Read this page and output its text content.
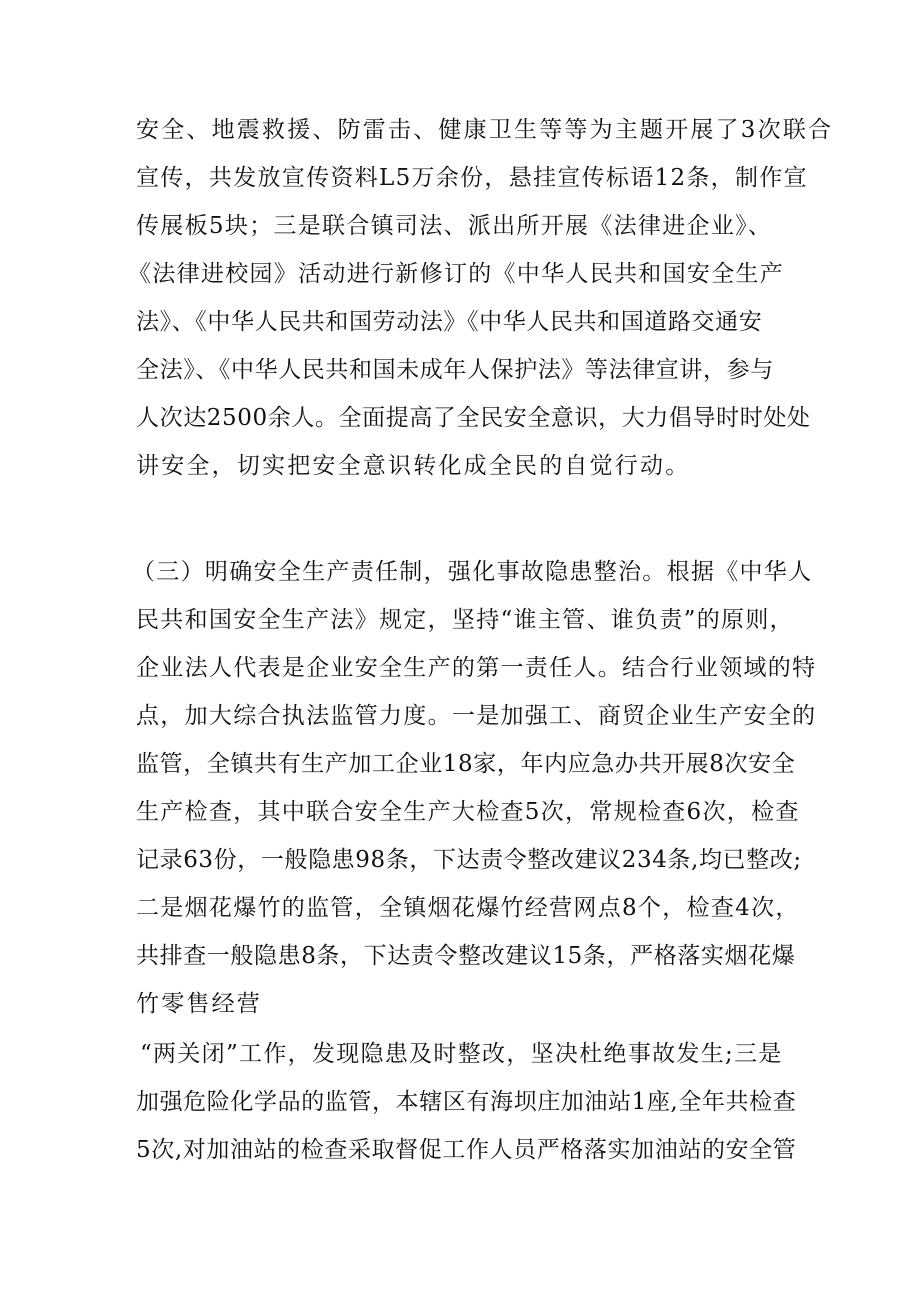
安全、地震救援、防雷击、健康卫生等等为主题开展了3次联合
宣传，共发放宣传资料L5万余份，悬挂宣传标语12条，制作宣
传展板5块；三是联合镇司法、派出所开展《法律进企业》、
《法律进校园》活动进行新修订的《中华人民共和国安全生产
法》、《中华人民共和国劳动法》《中华人民共和国道路交通安
全法》、《中华人民共和国未成年人保护法》等法律宣讲，参与
人次达2500余人。全面提高了全民安全意识，大力倡导时时处处
讲安全，切实把安全意识转化成全民的自觉行动。
（三）明确安全生产责任制，强化事故隐患整治。根据《中华人
民共和国安全生产法》规定，坚持“谁主管、谁负责”的原则，
企业法人代表是企业安全生产的第一责任人。结合行业领域的特
点，加大综合执法监管力度。一是加强工、商贸企业生产安全的
监管，全镇共有生产加工企业18家，年内应急办共开展8次安全
生产检查，其中联合安全生产大检查5次，常规检查6次，检查
记录63份，一般隐患98条，下达责令整改建议234条,均已整改;
二是烟花爆竹的监管，全镇烟花爆竹经营网点8个，检查4次，
共排查一般隐患8条，下达责令整改建议15条，严格落实烟花爆
竹零售经营
“两关闭”工作，发现隐患及时整改，坚决杜绝事故发生;三是
加强危险化学品的监管，本辖区有海坝庄加油站1座,全年共检查
5次,对加油站的检查采取督促工作人员严格落实加油站的安全管
